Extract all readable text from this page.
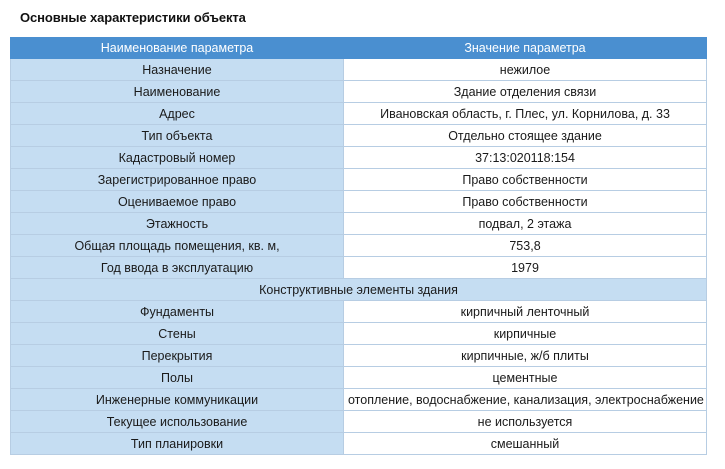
Основные характеристики объекта
Наименование параметра	Значение параметра
Назначение	нежилое
Наименование	Здание отделения связи
Адрес	Ивановская область, г. Плес, ул. Корнилова, д. 33
Тип объекта	Отдельно стоящее здание
Кадастровый номер	37:13:020118:154
Зарегистрированное право	Право собственности
Оцениваемое право	Право собственности
Этажность	подвал, 2 этажа
Общая площадь помещения, кв. м,	753,8
Год ввода в эксплуатацию	1979
Конструктивные элементы здания	
Фундаменты	кирпичный ленточный
Стены	кирпичные
Перекрытия	кирпичные, ж/б плиты
Полы	цементные
Инженерные коммуникации	отопление, водоснабжение, канализация, электроснабжение
Текущее использование	не используется
Тип планировки	смешанный
